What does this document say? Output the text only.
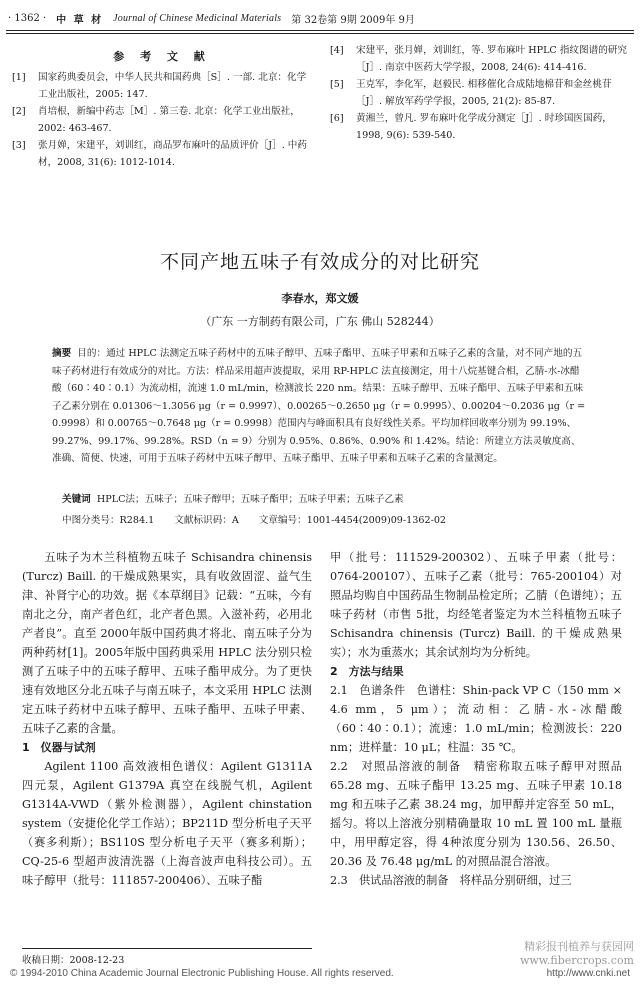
· 1362 · 中 草 材 Journal of Chinese Medicinal Materials 第 32卷第 9期 2009年 9月
参 考 文 献
[1]	国家药典委员会，中华人民共和国药典［S］. 一部. 北京：化学工业出版社，2005: 147.
[2]	肖培根，新编中药志［M］. 第三卷. 北京：化学工业出版社，2002: 463-467.
[3]	张月婵，宋建平，刘训红，商品罗布麻叶的品质评价［J］. 中药材，2008, 31(6): 1012-1014.
[4]	宋建平，张月婵，刘训红，等. 罗布麻叶 HPLC 指纹图谱的研究［J］. 南京中医药大学学报，2008, 24(6): 414-416.
[5]	王克军，李化军，赵毅民. 相移催化合成陆地棉苷和金丝桃苷［J］. 解放军药学学报，2005, 21(2): 85-87.
[6]	黄湘兰，曾凡. 罗布麻叶化学成分测定［J］. 时珍国医国药，1998, 9(6): 539-540.
不同产地五味子有效成分的对比研究
李春水，郑文媛
（广东 一方制药有限公司，广东 佛山 528244）
摘要 目的：通过 HPLC 法测定五味子药材中的五味子醇甲、五味子酯甲、五味子甲素和五味子乙素的含量，对不同产地的五味子药材进行有效成分的对比。方法：样品采用超声波提取，采用 RP-HPLC 法直接测定，用十八烷基键合相，乙腈-水-冰醋酸（60∶40∶0.1）为流动相，流速 1.0 mL/min，检测波长 220 nm。结果：五味子醇甲、五味子酯甲、五味子甲素和五味子乙素分别在 0.01306～1.3056 μg（r = 0.9997）、0.00265～0.2650 μg（r = 0.9995）、0.00204～0.2036 μg（r = 0.9998）和 0.00765～0.7648 μg（r = 0.9998）范围内与峰面积具有良好线性关系。平均加样回收率分别为 99.19%、99.27%、99.17%、99.28%。RSD（n = 9）分别为 0.95%、0.86%、0.90% 和 1.42%。结论：所建立方法灵敏度高、准确、简便、快速，可用于五味子药材中五味子醇甲、五味子酯甲、五味子甲素和五味子乙素的含量测定。
关键词 HPLC法；五味子；五味子醇甲；五味子酯甲；五味子甲素；五味子乙素
中图分类号：R284.1 文献标识码：A 文章编号：1001-4454(2009)09-1362-02

五味子为木兰科植物五味子 Schisandra chinensis (Turcz) Baill. 的干燥成熟果实，具有收敛固涩、益气生津、补肾宁心的功效。据《本草纲目》记载：“五味，今有南北之分，南产者色红，北产者色黑。入滋补药，必用北产者良”。直至 2000年版中国药典才将北、南五味子分为两种药材[1]。2005年版中国药典采用 HPLC 法分别只检测了五味子中的五味子醇甲、五味子酯甲成分。为了更快速有效地区分北五味子与南五味子，本文采用 HPLC 法测定五味子药材中五味子醇甲、五味子酯甲、五味子甲素、五味子乙素的含量。

1　仪器与试剂

Agilent 1100 高效液相色谱仪：Agilent G1311A 四元泵，Agilent G1379A 真空在线脱气机，Agilent G1314A-VWD（紫外检测器），Agilent chinstation system（安捷伦化学工作站）；BP211D 型分析电子天平（赛多利斯）；BS110S 型分析电子天平（赛多利斯）；CQ-25-6 型超声波清洗器（上海音波声电科技公司）。五味子醇甲（批号：111857-200406）、五味子酯

甲（批号：111529-200302）、五味子甲素（批号：0764-200107）、五味子乙素（批号：765-200104）对照品均购自中国药品生物制品检定所；乙腈（色谱纯）；五味子药材（市售 5批，均经笔者鉴定为木兰科植物五味子 Schisandra chinensis (Turcz) Baill. 的干燥成熟果实）；水为重蒸水；其余试剂均为分析纯。

2　方法与结果

2.1　色谱条件　色谱柱：Shin-pack VP C（150 mm × 4.6 mm，5 μm）；流动相：乙腈-水-冰醋酸（60∶40∶0.1）；流速：1.0 mL/min；检测波长：220 nm；进样量：10 μL；柱温：35 ℃。

2.2　对照品溶液的制备　精密称取五味子醇甲对照品 65.28 mg、五味子酯甲 13.25 mg、五味子甲素 10.18 mg 和五味子乙素 38.24 mg，加甲醇并定容至 50 mL，摇匀。将以上溶液分别精确量取 10 mL 置 100 mL 量瓶中，用甲醇定容，得 4种浓度分别为 130.56、26.50、20.36 及 76.48 μg/mL 的对照品混合溶液。

2.3　供试品溶液的制备　将样品分别研细，过三

收稿日期：2008-12-23
精彩报刊植养与获园网
www.fibercrops.com
© 1994-2010 China Academic Journal Electronic Publishing House. All rights reserved.	http://www.cnki.net
